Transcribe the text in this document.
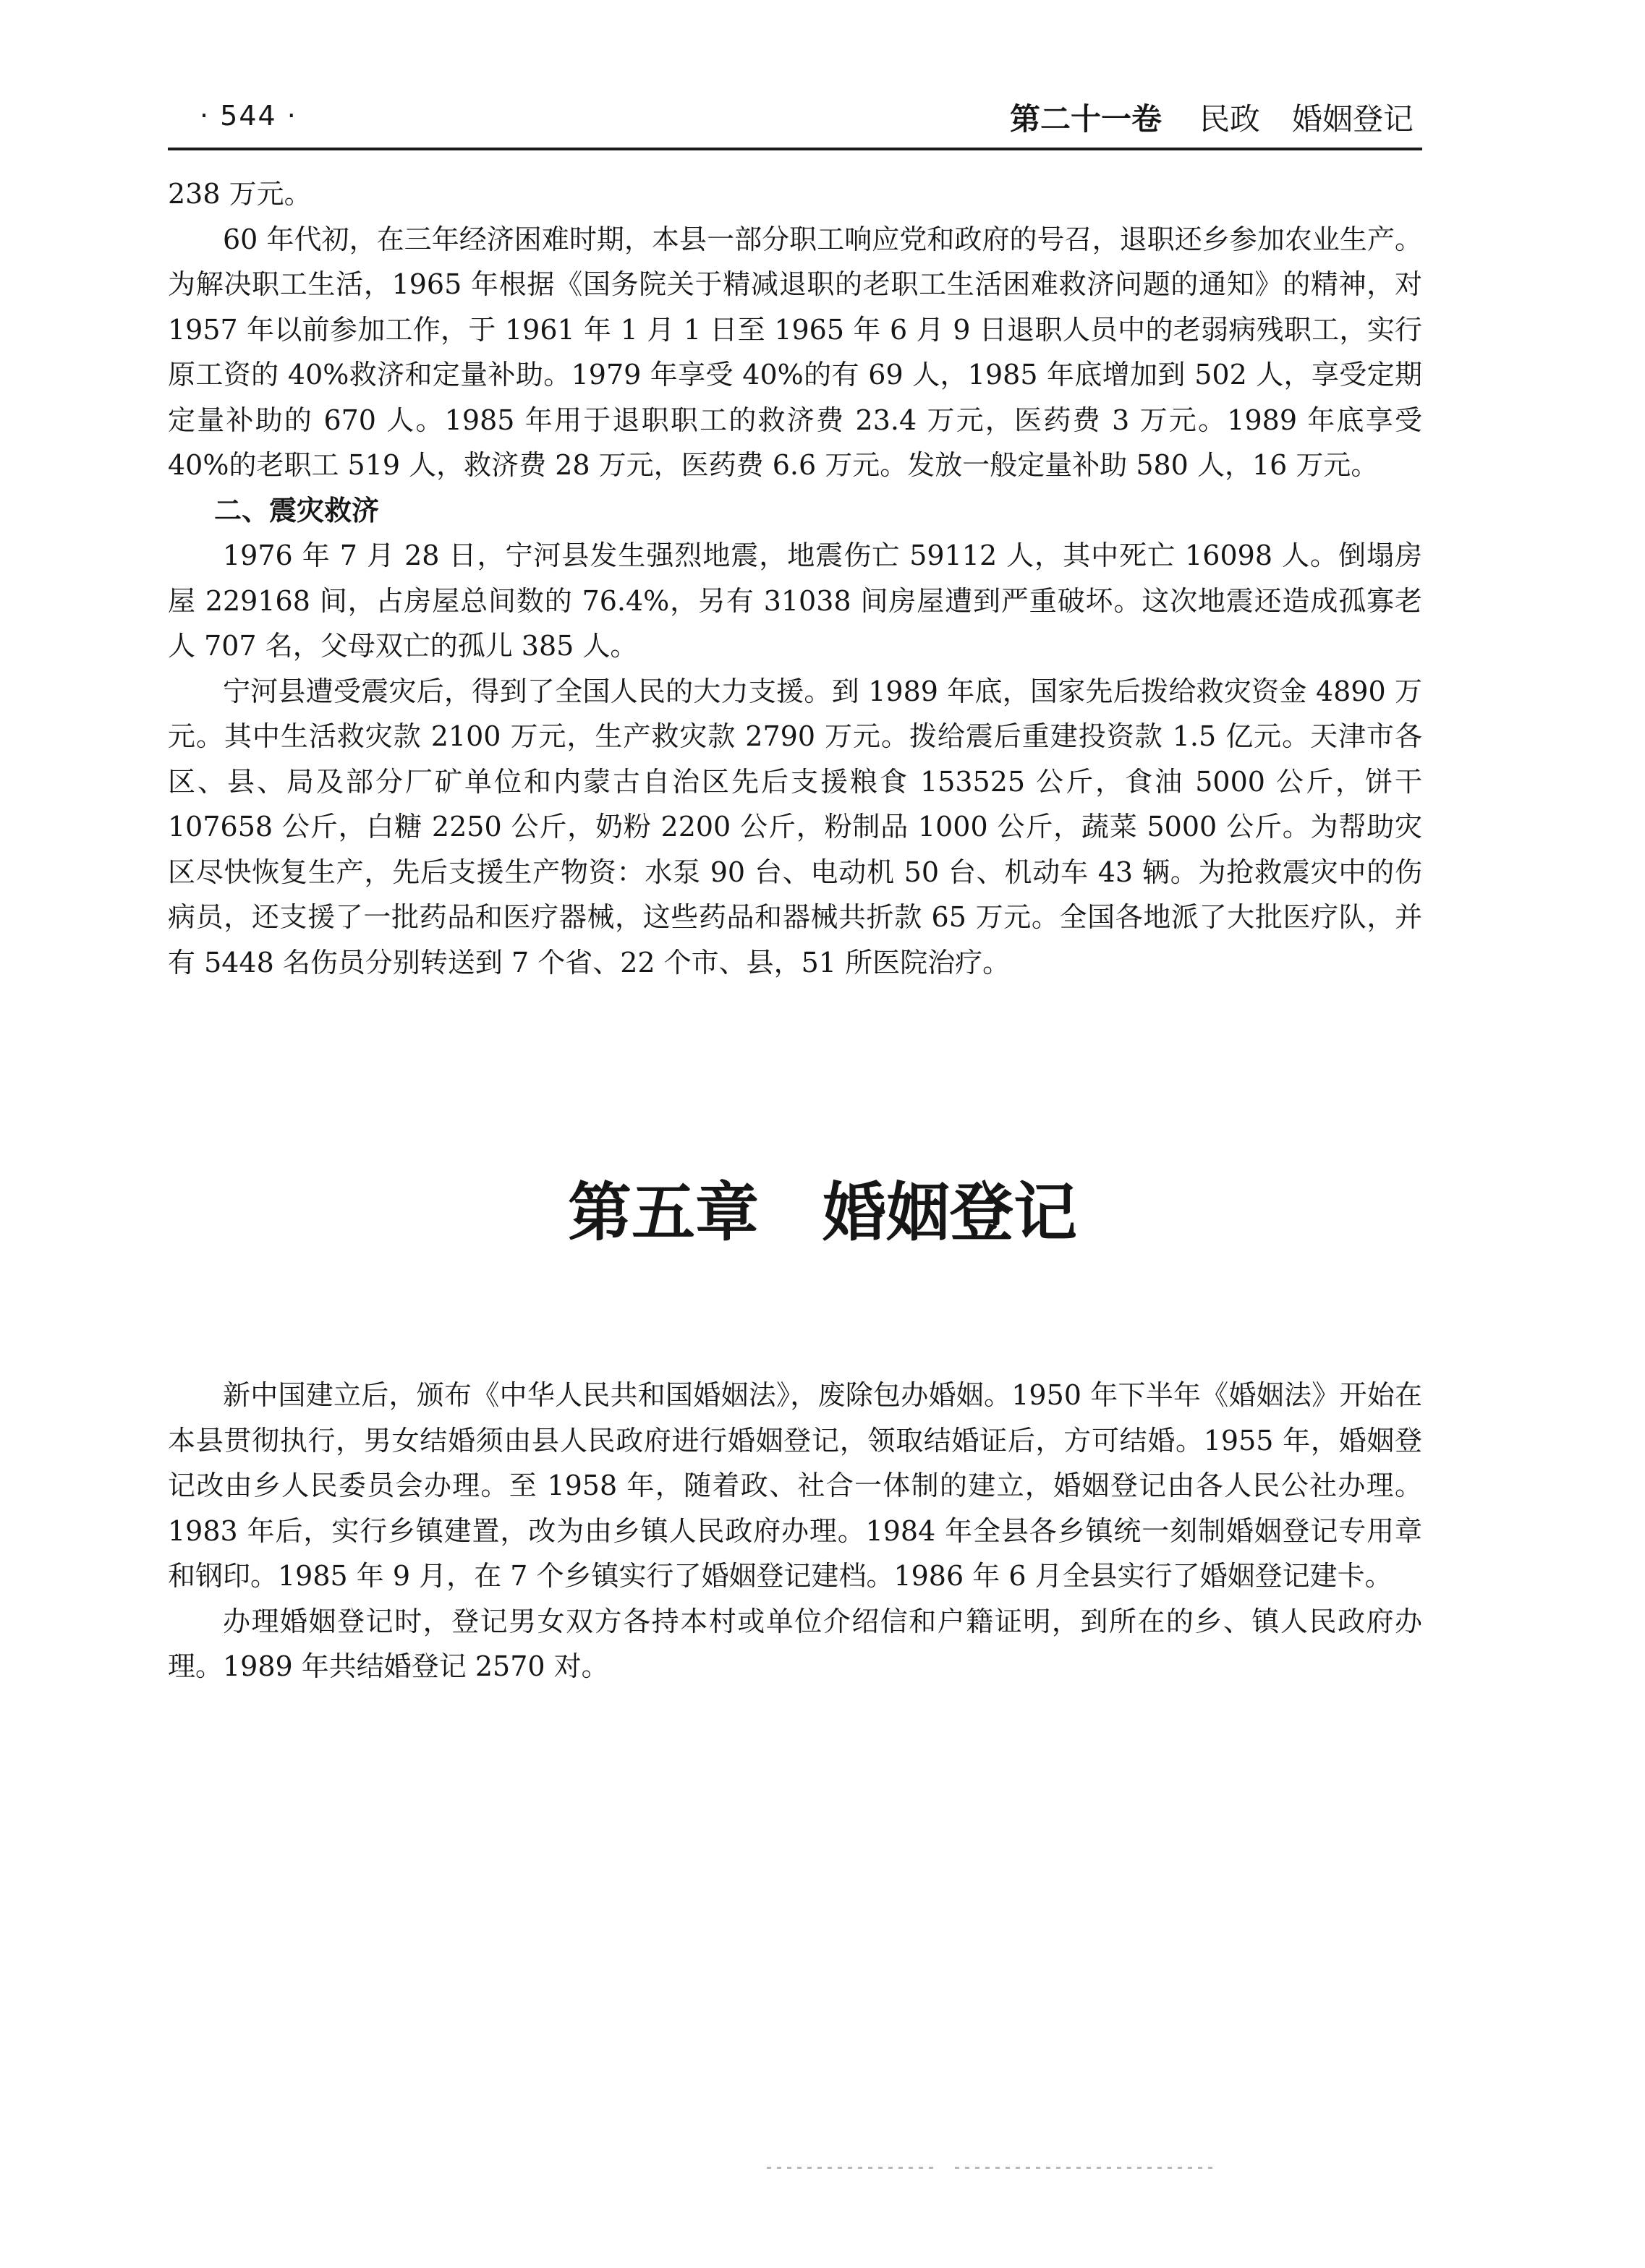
· 544 ·	第二十一卷 民政 婚姻登记

238 万元。

60 年代初，在三年经济困难时期，本县一部分职工响应党和政府的号召，退职还乡参加农业生产。为解决职工生活，1965 年根据《国务院关于精减退职的老职工生活困难救济问题的通知》的精神，对 1957 年以前参加工作，于 1961 年 1 月 1 日至 1965 年 6 月 9 日退职人员中的老弱病残职工，实行原工资的 40%救济和定量补助。1979 年享受 40%的有 69 人，1985 年底增加到 502 人，享受定期定量补助的 670 人。1985 年用于退职职工的救济费 23.4 万元，医药费 3 万元。1989 年底享受 40%的老职工 519 人，救济费 28 万元，医药费 6.6 万元。发放一般定量补助 580 人，16 万元。

二、震灾救济

1976 年 7 月 28 日，宁河县发生强烈地震，地震伤亡 59112 人，其中死亡 16098 人。倒塌房屋 229168 间，占房屋总间数的 76.4%，另有 31038 间房屋遭到严重破坏。这次地震还造成孤寡老人 707 名，父母双亡的孤儿 385 人。

宁河县遭受震灾后，得到了全国人民的大力支援。到 1989 年底，国家先后拨给救灾资金 4890 万元。其中生活救灾款 2100 万元，生产救灾款 2790 万元。拨给震后重建投资款 1.5 亿元。天津市各区、县、局及部分厂矿单位和内蒙古自治区先后支援粮食 153525 公斤，食油 5000 公斤，饼干 107658 公斤，白糖 2250 公斤，奶粉 2200 公斤，粉制品 1000 公斤，蔬菜 5000 公斤。为帮助灾区尽快恢复生产，先后支援生产物资：水泵 90 台、电动机 50 台、机动车 43 辆。为抢救震灾中的伤病员，还支援了一批药品和医疗器械，这些药品和器械共折款 65 万元。全国各地派了大批医疗队，并有 5448 名伤员分别转送到 7 个省、22 个市、县，51 所医院治疗。

第五章　婚姻登记

新中国建立后，颁布《中华人民共和国婚姻法》，废除包办婚姻。1950 年下半年《婚姻法》开始在本县贯彻执行，男女结婚须由县人民政府进行婚姻登记，领取结婚证后，方可结婚。1955 年，婚姻登记改由乡人民委员会办理。至 1958 年，随着政、社合一体制的建立，婚姻登记由各人民公社办理。1983 年后，实行乡镇建置，改为由乡镇人民政府办理。1984 年全县各乡镇统一刻制婚姻登记专用章和钢印。1985 年 9 月，在 7 个乡镇实行了婚姻登记建档。1986 年 6 月全县实行了婚姻登记建卡。

办理婚姻登记时，登记男女双方各持本村或单位介绍信和户籍证明，到所在的乡、镇人民政府办理。1989 年共结婚登记 2570 对。
